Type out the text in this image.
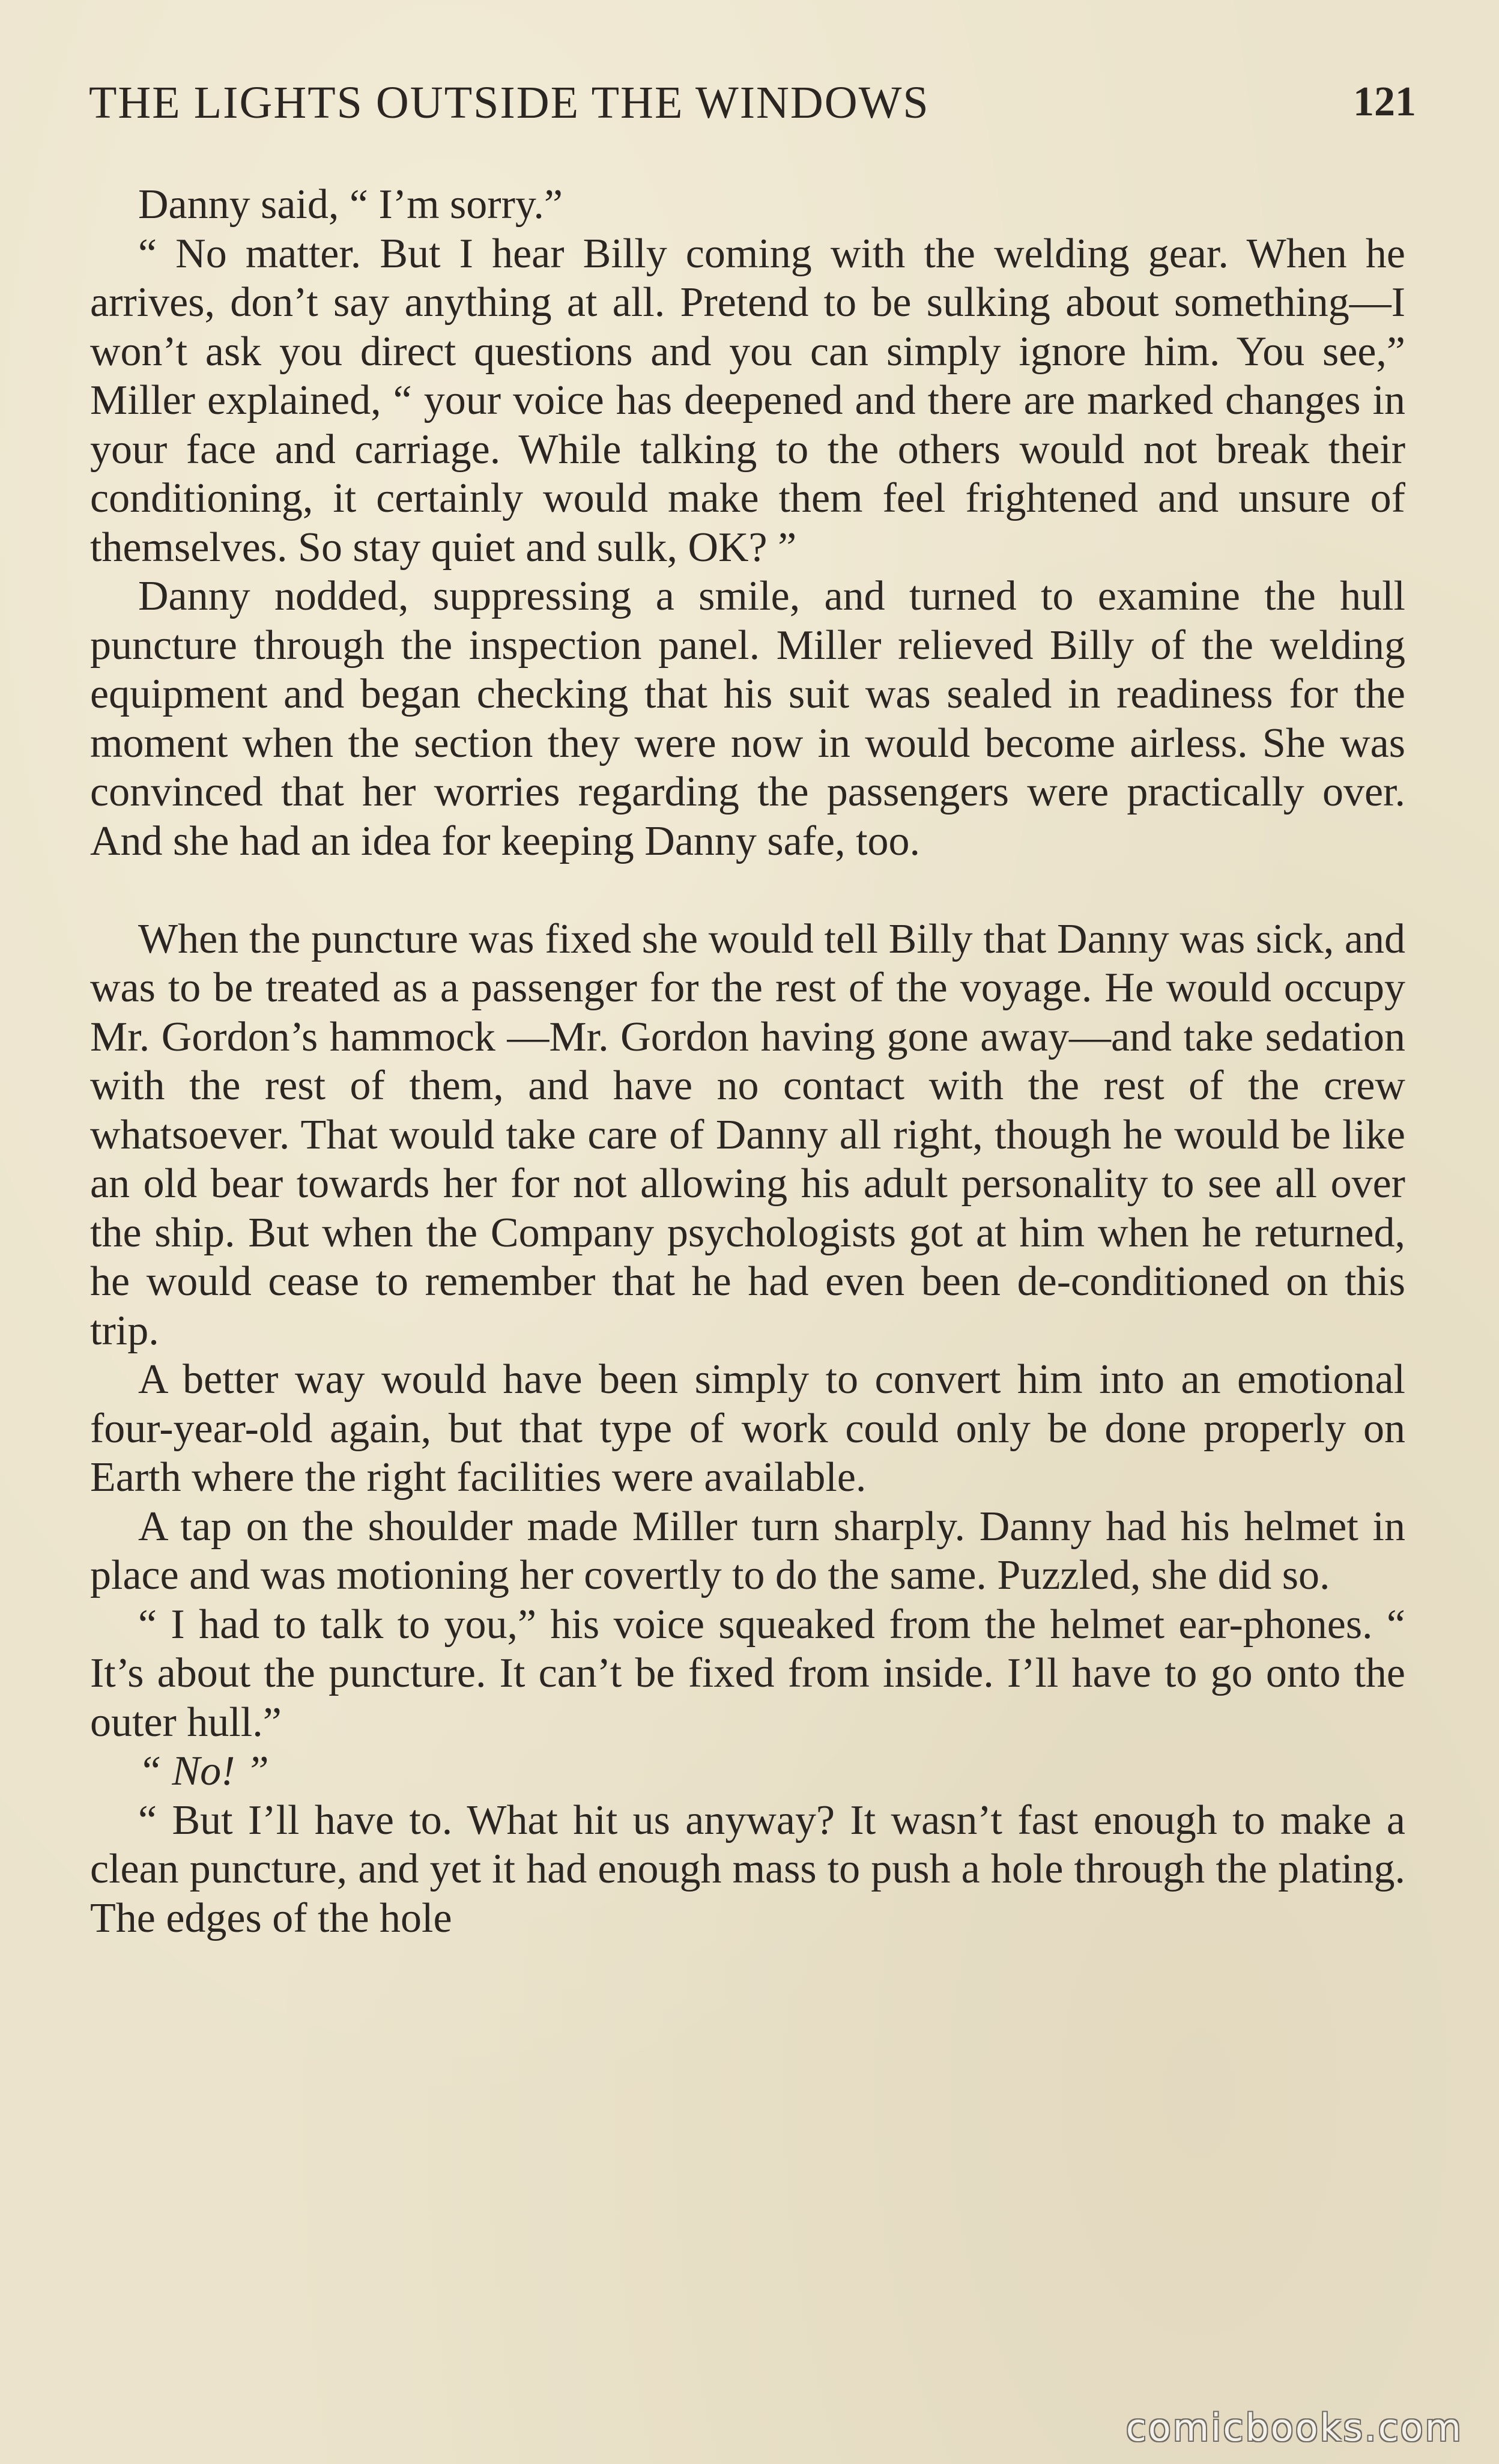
THE LIGHTS OUTSIDE THE WINDOWS	121

Danny said, “ I’m sorry.”

“ No matter. But I hear Billy coming with the welding gear. When he arrives, don’t say anything at all. Pretend to be sulking about something—I won’t ask you direct questions and you can simply ignore him. You see,” Miller explained, “ your voice has deepened and there are marked changes in your face and carriage. While talking to the others would not break their conditioning, it certainly would make them feel frightened and unsure of themselves. So stay quiet and sulk, OK? ”

Danny nodded, suppressing a smile, and turned to examine the hull puncture through the inspection panel. Miller relieved Billy of the welding equipment and began checking that his suit was sealed in readiness for the moment when the section they were now in would become airless. She was convinced that her worries regarding the passengers were practically over. And she had an idea for keeping Danny safe, too.

When the puncture was fixed she would tell Billy that Danny was sick, and was to be treated as a passenger for the rest of the voyage. He would occupy Mr. Gordon’s hammock —Mr. Gordon having gone away—and take sedation with the rest of them, and have no contact with the rest of the crew whatsoever. That would take care of Danny all right, though he would be like an old bear towards her for not allowing his adult personality to see all over the ship. But when the Company psychologists got at him when he returned, he would cease to remember that he had even been de-conditioned on this trip.

A better way would have been simply to convert him into an emotional four-year-old again, but that type of work could only be done properly on Earth where the right facilities were available.

A tap on the shoulder made Miller turn sharply. Danny had his helmet in place and was motioning her covertly to do the same. Puzzled, she did so.

“ I had to talk to you,” his voice squeaked from the helmet ear-phones. “ It’s about the puncture. It can’t be fixed from inside. I’ll have to go onto the outer hull.”

“ No! ”

“ But I’ll have to. What hit us anyway? It wasn’t fast enough to make a clean puncture, and yet it had enough mass to push a hole through the plating. The edges of the hole

comicbooks.com
